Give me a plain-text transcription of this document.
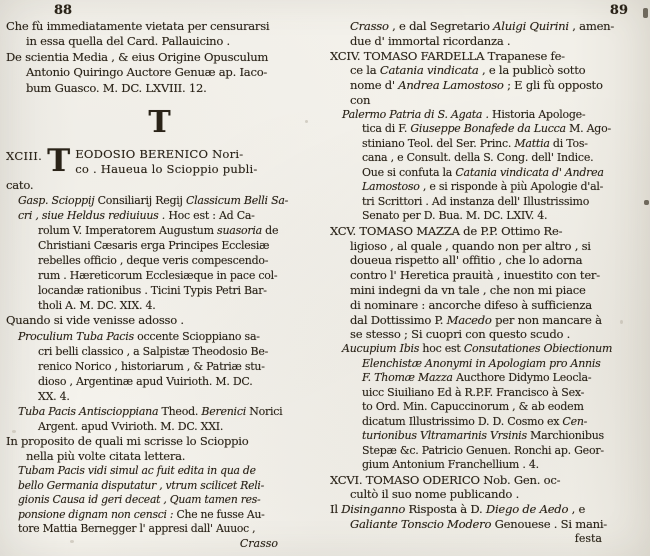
88
Che fù immediatamente vietata per censurarsi
in essa quella del Card. Pallauicino .
De scientia Media , & eius Origine Opusculum
Antonio Quiringo Auctore Genuæ ap. Iaco-
bum Guasco. M. DC. LXVIII. 12.
T
XCIII. T EODOSIO BERENICO Nori-
co . Haueua lo Scioppio publi-
cato.
Gasp. Scioppij Consiliarij Regij Classicum Belli Sa-
cri , siue Heldus rediuiuus . Hoc est : Ad Ca-
rolum V. Imperatorem Augustum suasoria de
Christiani Cæsaris erga Principes Ecclesiæ
rebelles officio , deque veris compescendo-
rum . Hæreticorum Ecclesiæque in pace col-
locandæ rationibus . Ticini Typis Petri Bar-
tholi A. M. DC. XIX. 4.
Quando si vide venisse adosso .
Proculium Tuba Pacis occente Scioppiano sa-
cri belli classico , a Salpistæ Theodosio Be-
renico Norico , historiarum , & Patriæ stu-
dioso , Argentinæ apud Vuirioth. M. DC.
XX. 4.
Tuba Pacis Antiscioppiana Theod. Berenici Norici
Argent. apud Vvirioth. M. DC. XXI.
In proposito de quali mi scrisse lo Scioppio
nella più volte citata lettera.
Tubam Pacis vidi simul ac fuit edita in qua de
bello Germania disputatur , vtrum scilicet Reli-
gionis Causa id geri deceat , Quam tamen res-
ponsione dignam non censci : Che ne fusse Au-
tore Mattia Bernegger l' appresi dall' Auuoc ,
Crasso
89
Crasso , e dal Segretario Aluigi Quirini , amen-
due d' immortal ricordanza .
XCIV. TOMASO FARDELLA Trapanese fe-
ce la Catania vindicata , e la publicò sotto
nome d' Andrea Lamostoso ; E gli fù opposto
con
Palermo Patria di S. Agata . Historia Apologe-
tica di F. Giuseppe Bonafede da Lucca M. Ago-
stiniano Teol. del Ser. Princ. Mattia di Tos-
cana , e Consult. della S. Cong. dell' Indice.
Oue si confuta la Catania vindicata d' Andrea
Lamostoso , e si risponde à più Apologie d'al-
tri Scrittori . Ad instanza dell' Illustrissimo
Senato per D. Bua. M. DC. LXIV. 4.
XCV. TOMASO MAZZA de P.P. Ottimo Re-
ligioso , al quale , quando non per altro , si
doueua rispetto all' offitio , che lo adorna
contro l' Heretica prauità , inuestito con ter-
mini indegni da vn tale , che non mi piace
di nominare : ancorche difeso à sufficienza
dal Dottissimo P. Macedo per non mancare à
se stesso ; Si cuopri con questo scudo .
Aucupium Ibis hoc est Consutationes Obiectionum
Elenchistæ Anonymi in Apologiam pro Annis
F. Thomæ Mazza Aucthore Didymo Leocla-
uicc Siuiliano Ed à R.P.F. Francisco à Sex-
to Ord. Min. Capuccinorum , & ab eodem
dicatum Illustrissimo D. D. Cosmo ex Cen-
turionibus Vltramarinis Vrsinis Marchionibus
Stepæ &c. Patricio Genuen. Ronchi ap. Geor-
gium Antonium Franchellium . 4.
XCVI. TOMASO ODERICO Nob. Gen. oc-
cultò il suo nome publicando .
Il Disinganno Risposta à D. Diego de Aedo , e
Galiante Tonscio Modero Genouese . Si mani-
festa
